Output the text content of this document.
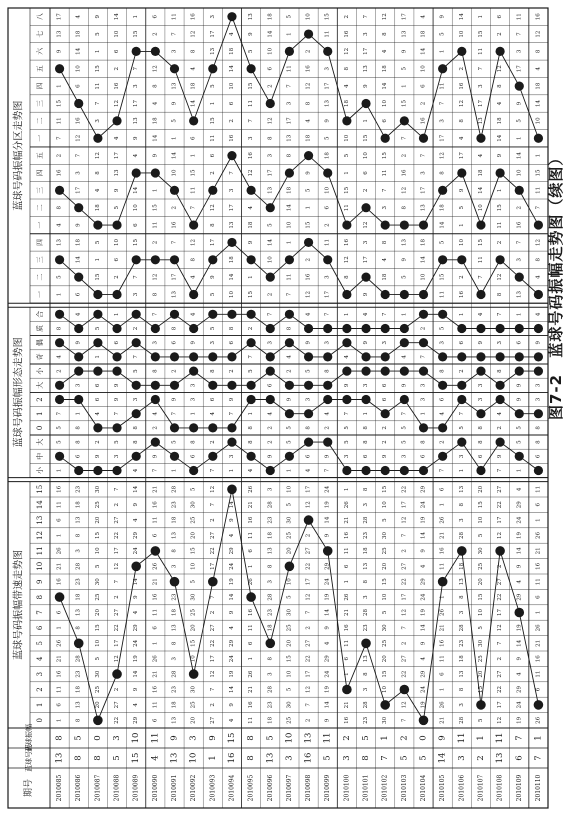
期号
蓝球号码
蓝球振幅
蓝球号码振幅带速走势图
蓝球号码振幅形态走势图
蓝球号码振幅分区走势图
0
1
2
3
4
5
6
7
8
9
10
11
12
13
14
15
小
中
大
0
1
2
大
小
奇
偶
质
合
一
二
三
四
一
二
三
四
五
一
二
三
四
五
六
七
八
2010085
13
8
1
6
11
16
21
26
1
6
16
21
26
1
6
11
16
1
5
5
7
2
4
8
1
5
13
4
8
16
2
7
11
15
1
9
13
17
2010086
8
5
8
13
18
23
28
8
13
18
23
28
3
8
13
18
23
6
8
8
1
3
9
4
6
14
18
9
17
3
7
12
16
6
10
14
18
4
2010087
8
0
20
25
30
5
10
15
20
25
30
5
10
15
20
25
30
9
2
4
6
6
1
5
15
1
5
18
4
8
12
3
7
11
15
1
5
9
2010088
5
3
22
27
2
12
17
22
27
2
7
12
17
22
27
2
7
3
5
7
9
9
6
1
2
6
10
5
9
13
17
4
12
16
2
6
10
14
2010089
15
10
29
4
9
14
19
24
29
4
9
14
24
29
4
9
14
4
8
8
3
5
7
2
3
7
15
6
10
14
4
9
13
17
3
7
15
1
2010090
4
11
6
11
16
21
26
1
6
11
16
21
26
6
11
16
21
7
9
2
4
8
3
7
8
12
2
11
15
1
9
14
18
4
8
12
2
6
2010091
13
9
13
18
23
28
3
8
13
18
23
3
8
13
18
23
28
1
5
7
9
2
6
8
13
17
7
16
2
10
14
1
5
9
13
3
7
11
2010092
10
3
20
25
30
10
15
20
25
30
5
10
15
20
25
30
5
6
8
1
3
3
9
4
4
8
12
7
11
15
1
6
14
18
4
8
12
16
2010093
1
9
27
2
7
12
17
22
27
2
7
17
22
27
2
7
12
7
2
4
6
8
3
5
5
9
17
8
12
2
6
11
15
1
5
13
17
3
2010094
16
15
4
9
14
19
24
29
4
9
14
19
24
29
4
9
14
1
3
7
9
2
6
8
10
14
18
13
17
3
7
16
2
6
10
14
18
4
2010095
8
8
11
16
21
26
1
6
11
16
26
1
6
11
16
21
26
4
8
8
1
5
7
2
15
1
9
18
4
12
16
3
7
11
15
5
9
13
2010096
13
5
18
23
28
3
8
18
23
28
3
8
13
18
23
28
3
9
2
2
4
6
3
7
2
10
14
5
13
17
3
8
12
2
6
10
14
18
2010097
3
10
25
30
5
10
15
20
25
30
5
10
20
25
30
5
10
1
5
5
9
2
4
8
7
11
1
10
14
18
8
13
17
3
7
11
1
5
2010098
16
13
2
7
12
17
22
27
2
7
12
17
22
27
2
12
17
4
6
8
3
5
9
4
12
16
2
15
1
5
9
18
4
8
12
16
2
10
2010099
5
11
9
14
19
24
29
4
9
14
19
24
29
9
14
19
24
7
9
2
4
8
3
7
17
3
11
2
6
10
18
5
9
13
17
3
11
15
2010100
3
2
16
21
1
6
11
16
21
26
1
6
11
16
21
26
1
3
5
5
7
9
4
1
8
12
16
11
15
1
5
10
18
4
8
12
16
2
2010101
8
5
23
28
3
8
13
23
28
3
8
13
18
23
28
3
8
6
8
8
1
3
9
4
9
17
3
12
2
6
10
15
1
9
13
17
3
7
2010102
7
1
30
10
15
20
25
30
5
10
15
20
25
30
5
10
15
9
2
2
6
6
3
7
18
4
8
3
7
11
15
6
10
14
18
4
8
12
2010103
5
2
7
12
22
27
2
7
12
17
22
27
2
7
12
17
22
3
5
5
7
9
4
1
5
9
13
8
12
16
2
7
15
1
5
9
13
17
2010104
5
0
19
24
29
4
9
14
19
24
29
4
9
14
19
24
29
6
8
1
3
3
7
2
10
14
18
13
17
3
7
16
2
6
10
14
18
4
2010105
14
9
21
26
1
6
11
16
21
26
1
11
16
21
26
1
6
7
2
4
6
8
3
5
11
15
5
14
18
8
12
17
3
7
11
1
5
9
2010106
3
11
28
3
8
13
18
23
28
3
8
13
18
28
3
8
13
1
3
5
7
2
6
1
16
2
10
1
5
9
17
4
8
12
16
2
10
14
2010107
2
1
5
15
20
25
30
5
10
15
20
25
30
5
10
15
20
6
8
8
3
3
9
4
7
11
15
10
14
18
4
13
17
3
7
11
15
1
2010108
13
11
12
17
22
27
2
7
12
17
22
27
2
12
17
22
27
7
9
2
4
8
3
7
8
12
2
11
15
1
9
14
18
4
8
12
2
6
2010109
6
7
19
24
29
4
9
14
19
29
4
9
14
19
24
29
4
1
5
5
9
9
6
1
13
3
7
16
2
10
14
1
5
9
17
3
7
11
2010110
7
1
26
6
11
16
21
26
1
6
11
16
21
26
1
6
11
6
8
8
3
3
9
4
4
8
12
7
11
15
1
10
14
18
4
8
12
16
图7-2 蓝球号码振幅走势图（续图）
